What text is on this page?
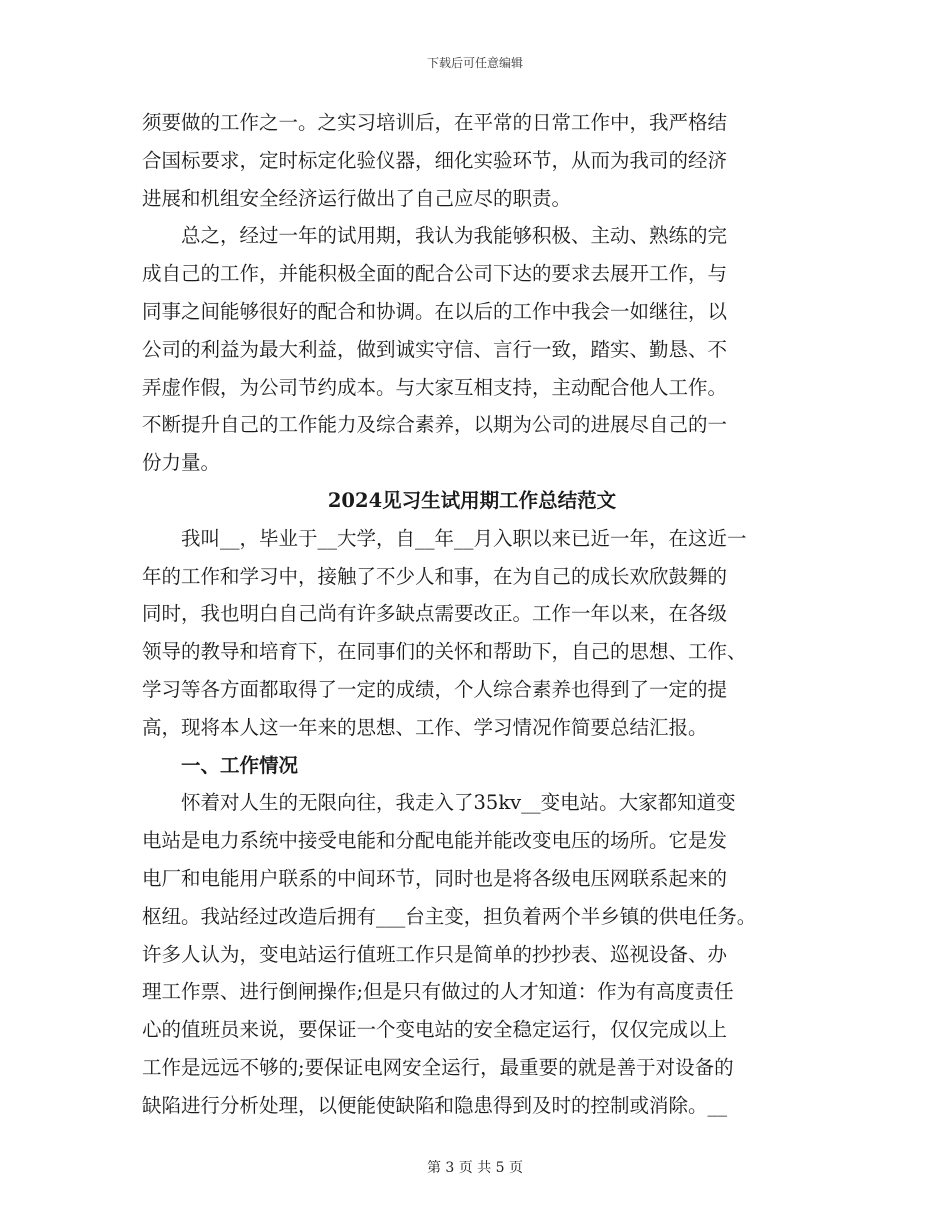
下载后可任意编辑
须要做的工作之一。之实习培训后，在平常的日常工作中，我严格结
合国标要求，定时标定化验仪器，细化实验环节，从而为我司的经济
进展和机组安全经济运行做出了自己应尽的职责。
总之，经过一年的试用期，我认为我能够积极、主动、熟练的完
成自己的工作，并能积极全面的配合公司下达的要求去展开工作，与
同事之间能够很好的配合和协调。在以后的工作中我会一如继往，以
公司的利益为最大利益，做到诚实守信、言行一致，踏实、勤恳、不
弄虚作假，为公司节约成本。与大家互相支持，主动配合他人工作。
不断提升自己的工作能力及综合素养，以期为公司的进展尽自己的一
份力量。
2024见习生试用期工作总结范文
我叫__，毕业于__大学，自__年__月入职以来已近一年，在这近一
年的工作和学习中，接触了不少人和事，在为自己的成长欢欣鼓舞的
同时，我也明白自己尚有许多缺点需要改正。工作一年以来，在各级
领导的教导和培育下，在同事们的关怀和帮助下，自己的思想、工作、
学习等各方面都取得了一定的成绩，个人综合素养也得到了一定的提
高，现将本人这一年来的思想、工作、学习情况作简要总结汇报。
一、工作情况
怀着对人生的无限向往，我走入了35kv__变电站。大家都知道变
电站是电力系统中接受电能和分配电能并能改变电压的场所。它是发
电厂和电能用户联系的中间环节，同时也是将各级电压网联系起来的
枢纽。我站经过改造后拥有___台主变，担负着两个半乡镇的供电任务。
许多人认为，变电站运行值班工作只是简单的抄抄表、巡视设备、办
理工作票、进行倒闸操作;但是只有做过的人才知道：作为有高度责任
心的值班员来说，要保证一个变电站的安全稳定运行，仅仅完成以上
工作是远远不够的;要保证电网安全运行，最重要的就是善于对设备的
缺陷进行分析处理，以便能使缺陷和隐患得到及时的控制或消除。__
第 3 页 共 5 页
